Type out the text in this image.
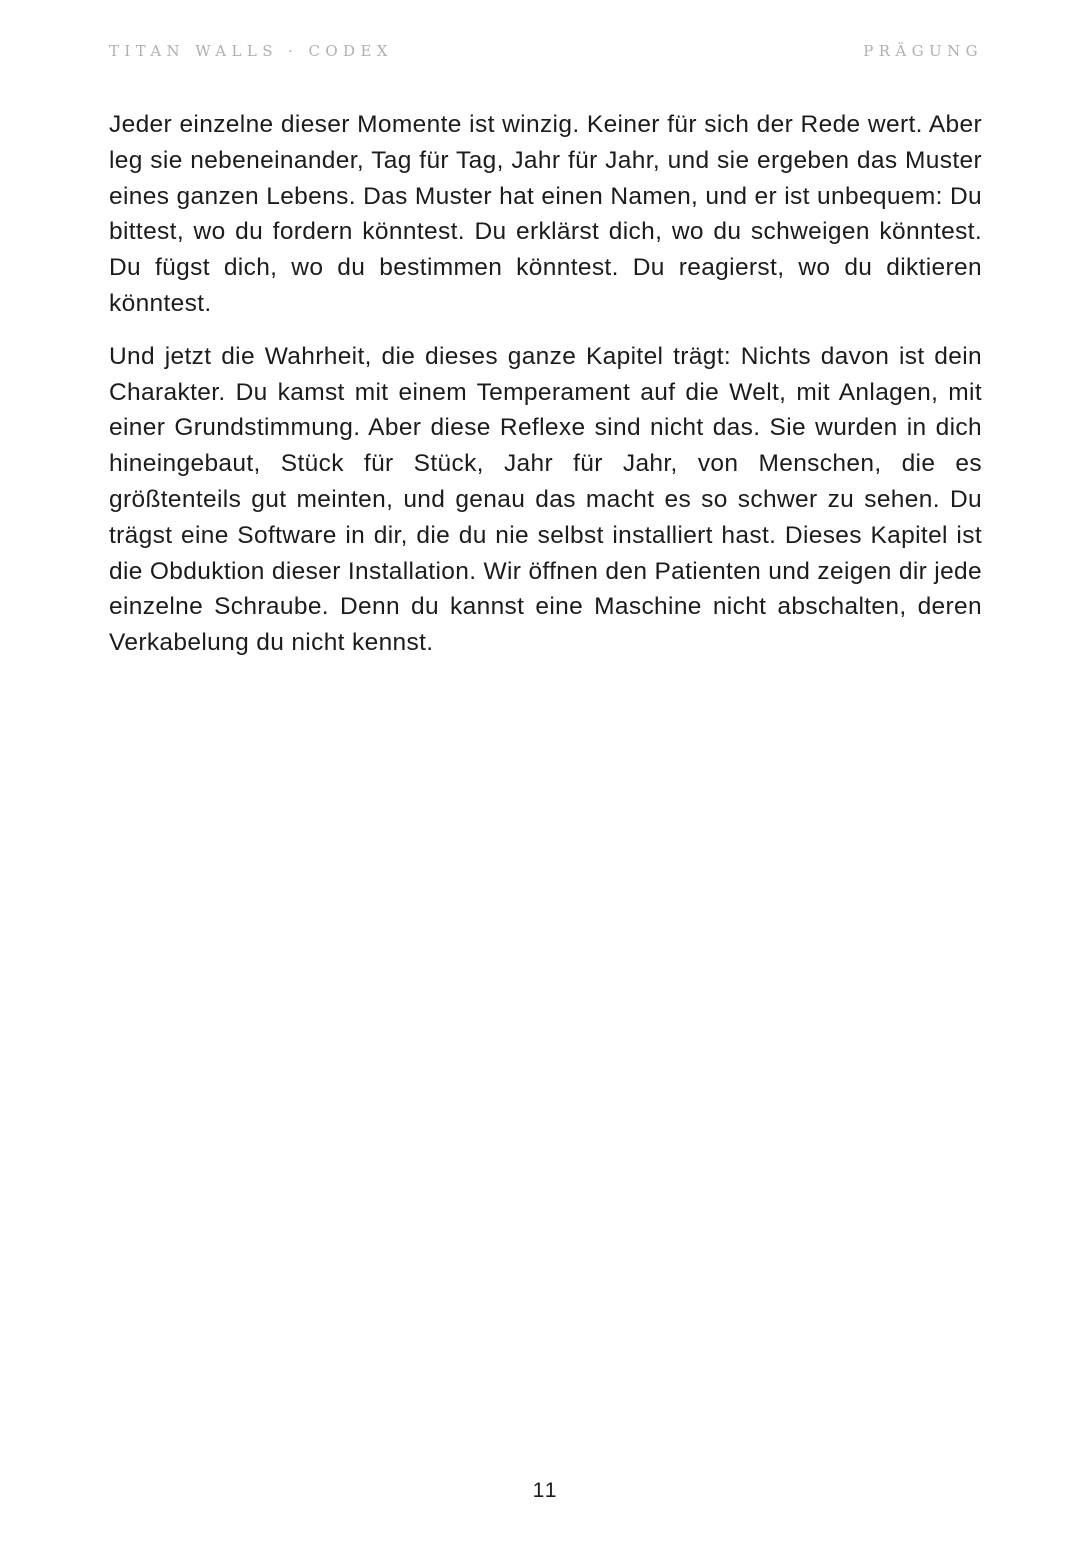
TITAN WALLS · CODEX	PRÄGUNG

Jeder einzelne dieser Momente ist winzig. Keiner für sich der Rede wert. Aber leg sie nebeneinander, Tag für Tag, Jahr für Jahr, und sie ergeben das Muster eines ganzen Lebens. Das Muster hat einen Namen, und er ist unbequem: Du bittest, wo du fordern könntest. Du erklärst dich, wo du schweigen könntest. Du fügst dich, wo du bestimmen könntest. Du reagierst, wo du diktieren könntest.

Und jetzt die Wahrheit, die dieses ganze Kapitel trägt: Nichts davon ist dein Charakter. Du kamst mit einem Temperament auf die Welt, mit Anlagen, mit einer Grundstimmung. Aber diese Reflexe sind nicht das. Sie wurden in dich hineingebaut, Stück für Stück, Jahr für Jahr, von Menschen, die es größtenteils gut meinten, und genau das macht es so schwer zu sehen. Du trägst eine Software in dir, die du nie selbst installiert hast. Dieses Kapitel ist die Obduktion dieser Installation. Wir öffnen den Patienten und zeigen dir jede einzelne Schraube. Denn du kannst eine Maschine nicht abschalten, deren Verkabelung du nicht kennst.

11
